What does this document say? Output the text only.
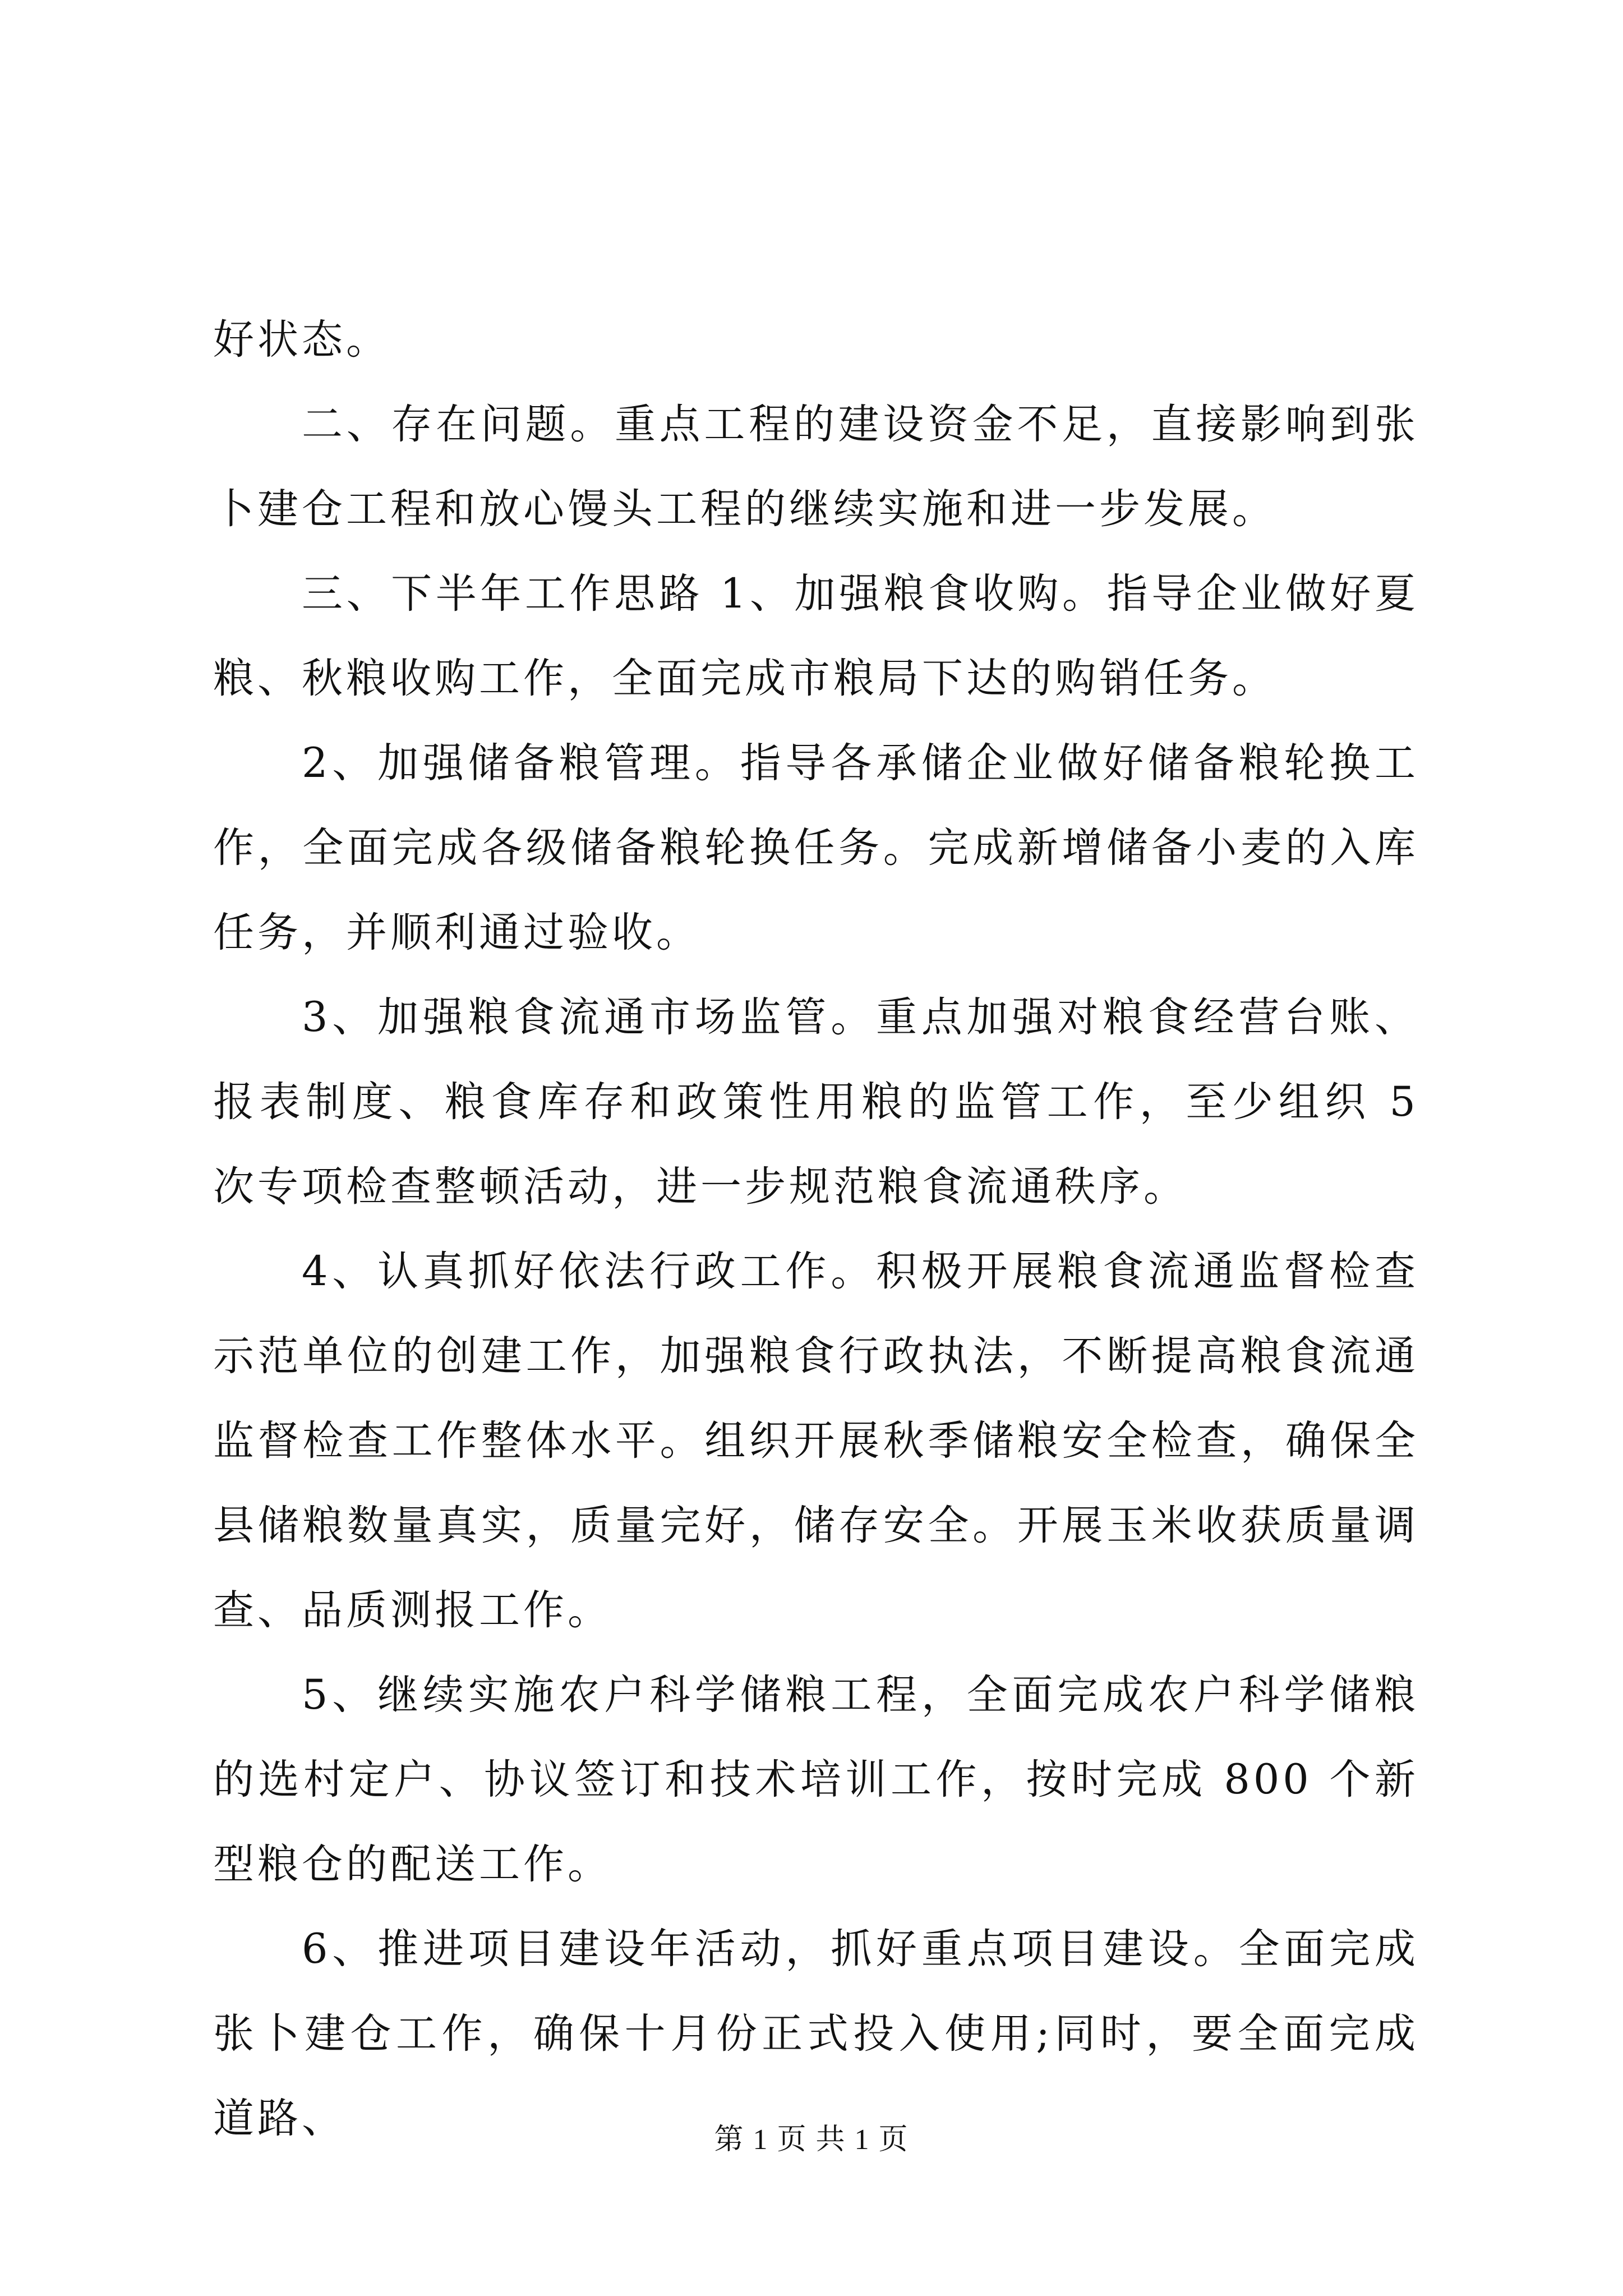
好状态。

二、存在问题。重点工程的建设资金不足，直接影响到张卜建仓工程和放心馒头工程的继续实施和进一步发展。

三、下半年工作思路 1、加强粮食收购。指导企业做好夏粮、秋粮收购工作，全面完成市粮局下达的购销任务。

2、加强储备粮管理。指导各承储企业做好储备粮轮换工作，全面完成各级储备粮轮换任务。完成新增储备小麦的入库任务，并顺利通过验收。

3、加强粮食流通市场监管。重点加强对粮食经营台账、报表制度、粮食库存和政策性用粮的监管工作，至少组织 5 次专项检查整顿活动，进一步规范粮食流通秩序。

4、认真抓好依法行政工作。积极开展粮食流通监督检查示范单位的创建工作，加强粮食行政执法，不断提高粮食流通监督检查工作整体水平。组织开展秋季储粮安全检查，确保全县储粮数量真实，质量完好，储存安全。开展玉米收获质量调查、品质测报工作。

5、继续实施农户科学储粮工程，全面完成农户科学储粮的选村定户、协议签订和技术培训工作，按时完成 800 个新型粮仓的配送工作。

6、推进项目建设年活动，抓好重点项目建设。全面完成张卜建仓工作，确保十月份正式投入使用;同时，要全面完成道路、	第 1 页 共 1 页
